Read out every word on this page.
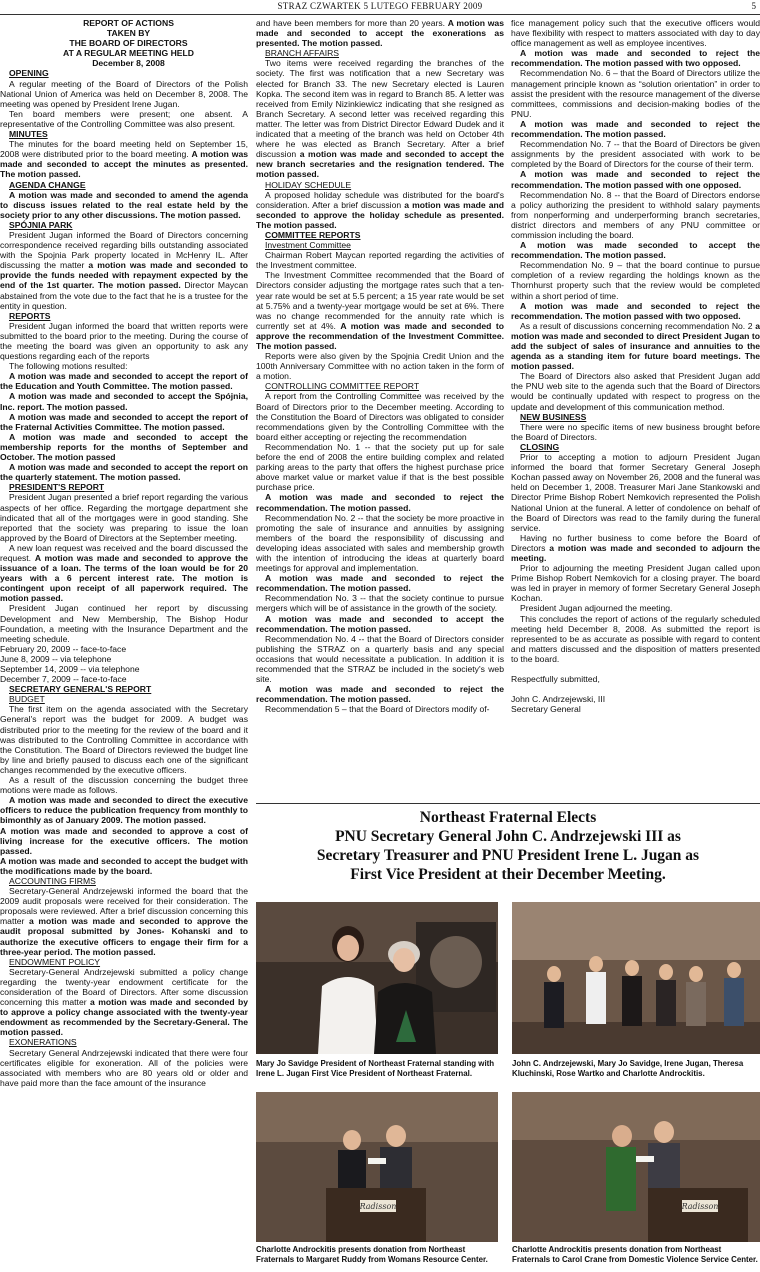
STRAZ CZWARTEK 5 LUTEGO FEBRUARY 2009	5

REPORT OF ACTIONS

TAKEN BY

THE BOARD OF DIRECTORS

AT A REGULAR MEETING HELD

December 8, 2008

OPENING

A regular meeting of the Board of Directors of the Polish National Union of America was held on December 8, 2008. The meeting was opened by President Irene Jugan.

Ten board members were present; one absent. A representative of the Controlling Committee was also present.

MINUTES

The minutes for the board meeting held on September 15, 2008 were distributed prior to the board meeting. A motion was made and seconded to accept the minutes as presented. The motion passed.

AGENDA CHANGE

A motion was made and seconded to amend the agenda to discuss issues related to the real estate held by the society prior to any other discussions. The motion passed.

SPÓJNIA PARK

President Jugan informed the Board of Directors concerning correspondence received regarding bills outstanding associated with the Spojnia Park property located in McHenry IL. After discussing the matter a motion was made and seconded to provide the funds needed with repayment expected by the end of the 1st quarter. The motion passed. Director Maycan abstained from the vote due to the fact that he is a trustee for the entity in question.

REPORTS

President Jugan informed the board that written reports were submitted to the board prior to the meeting. During the course of the meeting the board was given an opportunity to ask any questions regarding each of the reports

The following motions resulted:

A motion was made and seconded to accept the report of the Education and Youth Committee. The motion passed.

A motion was made and seconded to accept the Spójnia, Inc. report. The motion passed.

A motion was made and seconded to accept the report of the Fraternal Activities Committee. The motion passed.

A motion was made and seconded to accept the membership reports for the months of September and October. The motion passed

A motion was made and seconded to accept the report on the quarterly statement. The motion passed.

PRESIDENT'S REPORT

President Jugan presented a brief report regarding the various aspects of her office. Regarding the mortgage department she indicated that all of the mortgages were in good standing. She reported that the society was preparing to issue the loan approved by the Board of Directors at the September meeting.

A new loan request was received and the board discussed the request. A motion was made and seconded to approve the issuance of a loan. The terms of the loan would be for 20 years with a 6 percent interest rate. The motion is contingent upon receipt of all paperwork required. The motion passed.

President Jugan continued her report by discussing Development and New Membership, The Bishop Hodur Foundation, a meeting with the Insurance Department and the meeting schedule.

February 20, 2009 -- face-to-face

June 8, 2009 -- via telephone

September 14, 2009 -- via telephone

December 7, 2009 -- face-to-face

SECRETARY GENERAL'S REPORT

BUDGET

The first item on the agenda associated with the Secretary General's report was the budget for 2009. A budget was distributed prior to the meeting for the review of the board and it was distributed to the Controlling Committee in accordance with the Constitution. The Board of Directors reviewed the budget line by line and briefly paused to discuss each one of the significant changes recommended by the executive officers.

As a result of the discussion concerning the budget three motions were made as follows.

A motion was made and seconded to direct the executive officers to reduce the publication frequency from monthly to bimonthly as of January 2009. The motion passed.

A motion was made and seconded to approve a cost of living increase for the executive officers. The motion passed.

A motion was made and seconded to accept the budget with the modifications made by the board.

ACCOUNTING FIRMS

Secretary-General Andrzejewski informed the board that the 2009 audit proposals were received for their consideration. The proposals were reviewed. After a brief discussion concerning this matter a motion was made and seconded to approve the audit proposal submitted by Jones- Kohanski and to authorize the executive officers to engage their firm for a three-year period. The motion passed.

ENDOWMENT POLICY

Secretary-General Andrzejewski submitted a policy change regarding the twenty-year endowment certificate for the consideration of the Board of Directors. After some discussion concerning this matter a motion was made and seconded by to approve a policy change associated with the twenty-year endowment as recommended by the Secretary-General. The motion passed.

EXONERATIONS

Secretary General Andrzejewski indicated that there were four certificates eligible for exoneration. All of the policies were associated with members who are 80 years old or older and have paid more than the face amount of the insurance

and have been members for more than 20 years. A motion was made and seconded to accept the exonerations as presented. The motion passed.

BRANCH AFFAIRS

Two items were received regarding the branches of the society. The first was notification that a new Secretary was elected for Branch 33. The new Secretary elected is Lauren Kopka. The second item was in regard to Branch 85. A letter was received from Emily Nizinkiewicz indicating that she resigned as Branch Secretary. A second letter was received regarding this matter. The letter was from District Director Edward Dudek and it indicated that a meeting of the branch was held on October 4th where he was elected as Branch Secretary. After a brief discussion a motion was made and seconded to accept the new branch secretaries and the resignation tendered. The motion passed.

HOLIDAY SCHEDULE

A proposed holiday schedule was distributed for the board's consideration. After a brief discussion a motion was made and seconded to approve the holiday schedule as presented. The motion passed.

COMMITTEE REPORTS

Investment Committee

Chairman Robert Maycan reported regarding the activities of the Investment committee.

The Investment Committee recommended that the Board of Directors consider adjusting the mortgage rates such that a ten-year rate would be set at 5.5 percent; a 15 year rate would be set at 5.75% and a twenty-year mortgage would be set at 6%. There was no change recommended for the annuity rate which is currently set at 4%. A motion was made and seconded to approve the recommendation of the Investment Committee. The motion passed.

Reports were also given by the Spojnia Credit Union and the 100th Anniversary Committee with no action taken in the form of a motion.

CONTROLLING COMMITTEE REPORT

A report from the Controlling Committee was received by the Board of Directors prior to the December meeting. According to the Constitution the Board of Directors was obligated to consider recommendations given by the Controlling Committee with the board either accepting or rejecting the recommendation

Recommendation No. 1 -- that the society put up for sale before the end of 2008 the entire building complex and related parking areas to the party that offers the highest purchase price above market value or market value if that is the best possible purchase price.

A motion was made and seconded to reject the recommendation. The motion passed.

Recommendation No. 2 -- that the society be more proactive in promoting the sale of insurance and annuities by assigning members of the board the responsibility of discussing and developing ideas associated with sales and membership growth with the intention of introducing the ideas at quarterly board meetings for approval and implementation.

A motion was made and seconded to reject the recommendation. The motion passed.

Recommendation No. 3 -- that the society continue to pursue mergers which will be of assistance in the growth of the society.

A motion was made and seconded to accept the recommendation. The motion passed.

Recommendation No. 4 -- that the Board of Directors consider publishing the STRAZ on a quarterly basis and any special occasions that would necessitate a publication. In addition it is recommended that the STRAZ be included in the society's web site.

A motion was made and seconded to reject the recommendation. The motion passed.

Recommendation 5 – that the Board of Directors modify of-

fice management policy such that the executive officers would have flexibility with respect to matters associated with day to day office management as well as employee incentives.

A motion was made and seconded to reject the recommendation. The motion passed with two opposed.

Recommendation No. 6 – that the Board of Directors utilize the management principle known as “solution orientation” in order to assist the president with the resource management of the diverse committees, commissions and decision-making bodies of the PNU.

A motion was made and seconded to reject the recommendation. The motion passed.

Recommendation No. 7 -- that the Board of Directors be given assignments by the president associated with work to be completed by the Board of Directors for the course of their term.

A motion was made and seconded to reject the recommendation. The motion passed with one opposed.

Recommendation No. 8 -- that the Board of Directors endorse a policy authorizing the president to withhold salary payments from nonperforming and underperforming branch secretaries, district directors and members of any PNU committee or commission including the board.

A motion was made seconded to accept the recommendation. The motion passed.

Recommendation No. 9 – that the board continue to pursue completion of a review regarding the holdings known as the Thornhurst property such that the review would be completed within a short period of time.

A motion was made and seconded to reject the recommendation. The motion passed with two opposed.

As a result of discussions concerning recommendation No. 2 a motion was made and seconded to direct President Jugan to add the subject of sales of insurance and annuities to the agenda as a standing item for future board meetings. The motion passed.

The Board of Directors also asked that President Jugan add the PNU web site to the agenda such that the Board of Directors would be continually updated with respect to progress on the update and development of this communication method.

NEW BUSINESS

There were no specific items of new business brought before the Board of Directors.

CLOSING

Prior to accepting a motion to adjourn President Jugan informed the board that former Secretary General Joseph Kochan passed away on November 26, 2008 and the funeral was held on December 1, 2008. Treasurer Mari Jane Stankowski and Director Prime Bishop Robert Nemkovich represented the Polish National Union at the funeral. A letter of condolence on behalf of the Board of Directors was read to the family during the funeral service.

Having no further business to come before the Board of Directors a motion was made and seconded to adjourn the meeting.

Prior to adjourning the meeting President Jugan called upon Prime Bishop Robert Nemkovich for a closing prayer. The board was led in prayer in memory of former Secretary General Joseph Kochan.

President Jugan adjourned the meeting.

This concludes the report of actions of the regularly scheduled meeting held December 8, 2008. As submitted the report is represented to be as accurate as possible with regard to content and matters discussed and the disposition of matters presented to the board.

Respectfully submitted,

John C. Andrzejewski, III

Secretary General

Northeast Fraternal Elects
PNU Secretary General John C. Andrzejewski III as
Secretary Treasurer and PNU President Irene L. Jugan as
First Vice President at their December Meeting.
Mary Jo Savidge President of Northeast Fraternal standing with Irene L. Jugan First Vice President of Northeast Fraternal.
John C. Andrzejewski, Mary Jo Savidge, Irene Jugan, Theresa Kluchinski, Rose Wartko and Charlotte Androckitis.
Radisson
Charlotte Androckitis presents donation from Northeast Fraternals to Margaret Ruddy from Womans Resource Center.
Radisson
Charlotte Androckitis presents donation from Northeast Fraternals to Carol Crane from Domestic Violence Service Center.
